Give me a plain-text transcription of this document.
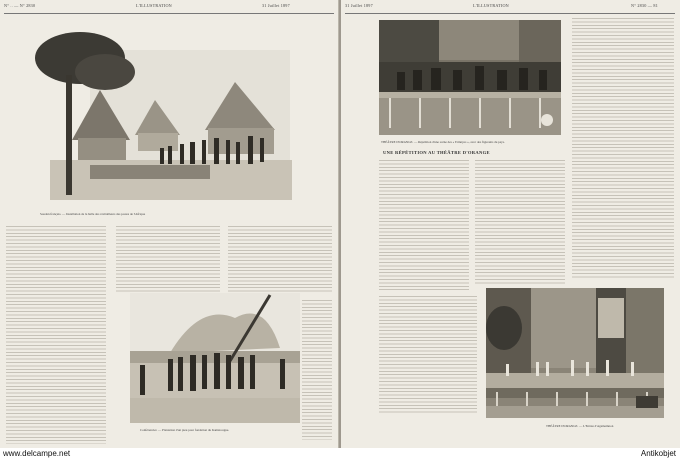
N° .. — N° 2830	L'ILLUSTRATION	31 Juillet 1897
Soudan français. — Installation de la halle des ravitailleurs des postes de l'Afrique
Conférencier. — Plantation d'un pieu pour fondation du Kamérougue.
31 Juillet 1897	L'ILLUSTRATION	N° 2830 — 81
THÉÂTRE D'ORANGE. — Répétition d'une scène des « Erinnyes », avec des figurants du pays.
UNE RÉPÉTITION AU THÉÂTRE D'ORANGE
THÉÂTRE D'ORANGE. — L'Entrée d'Agamemnon
www.delcampe.net	Antikobjet
